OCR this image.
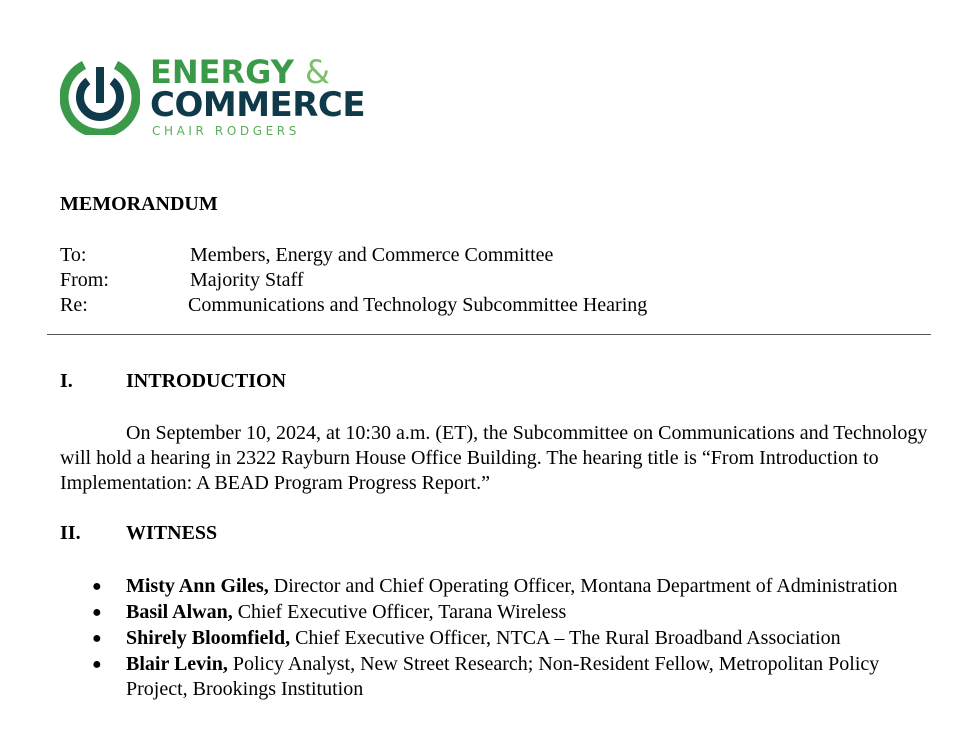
ENERGY &
COMMERCE
CHAIR RODGERS
MEMORANDUM
To:	Members, Energy and Commerce Committee
From:	Majority Staff
Re:	Communications and Technology Subcommittee Hearing
I.	INTRODUCTION
On September 10, 2024, at 10:30 a.m. (ET), the Subcommittee on Communications and Technology will hold a hearing in 2322 Rayburn House Office Building. The hearing title is “From Introduction to Implementation: A BEAD Program Progress Report.”
II. WITNESS
● Misty Ann Giles, Director and Chief Operating Officer, Montana Department of Administration
● Basil Alwan, Chief Executive Officer, Tarana Wireless
● Shirely Bloomfield, Chief Executive Officer, NTCA – The Rural Broadband Association
● Blair Levin, Policy Analyst, New Street Research; Non-Resident Fellow, Metropolitan Policy Project, Brookings Institution
